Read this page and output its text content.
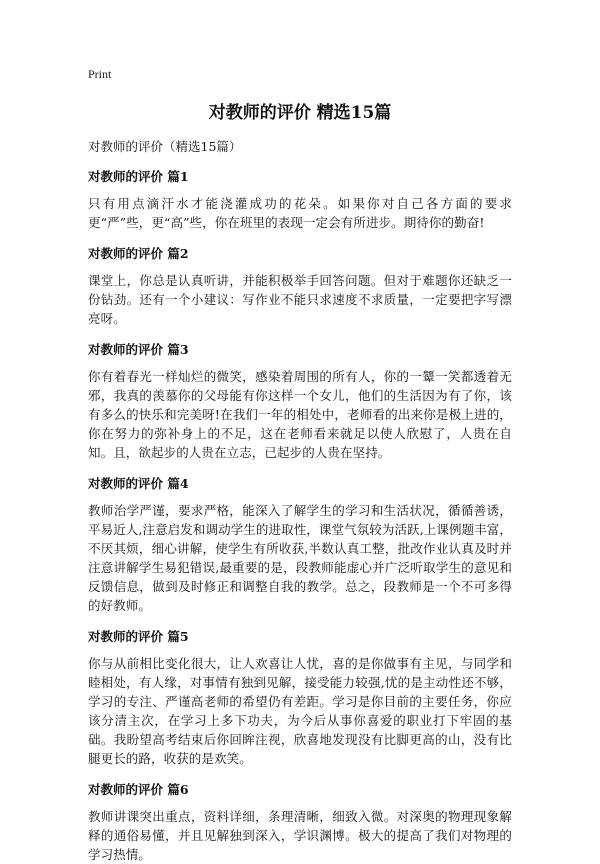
Print
对教师的评价 精选15篇
对教师的评价（精选15篇）
对教师的评价 篇1
只有用点滴汗水才能浇灌成功的花朵。如果你对自己各方面的要求更“严”些，更“高”些，你在班里的表现一定会有所进步。期待你的勤奋!
对教师的评价 篇2
课堂上，你总是认真听讲，并能积极举手回答问题。但对于难题你还缺乏一份钻劲。还有一个小建议：写作业不能只求速度不求质量，一定要把字写漂亮呀。
对教师的评价 篇3
你有着春光一样灿烂的微笑，感染着周围的所有人，你的一颦一笑都透着无邪，我真的羡慕你的父母能有你这样一个女儿，他们的生活因为有了你，该有多么的快乐和完美呀!在我们一年的相处中，老师看的出来你是极上进的，你在努力的弥补身上的不足，这在老师看来就足以使人欣慰了，人贵在自知。且，欲起步的人贵在立志，已起步的人贵在坚持。
对教师的评价 篇4
教师治学严谨，要求严格，能深入了解学生的学习和生活状况，循循善诱，平易近人,注意启发和调动学生的进取性，课堂气氛较为活跃,上课例题丰富，不厌其烦，细心讲解，使学生有所收获,半数认真工整，批改作业认真及时并注意讲解学生易犯错误,最重要的是，段教师能虚心并广泛听取学生的意见和反馈信息，做到及时修正和调整自我的教学。总之，段教师是一个不可多得的好教师。
对教师的评价 篇5
你与从前相比变化很大，让人欢喜让人忧，喜的是你做事有主见，与同学和睦相处，有人缘，对事情有独到见解，接受能力较强,忧的是主动性还不够，学习的专注、严谨高老师的希望仍有差距。学习是你目前的主要任务，你应该分清主次，在学习上多下功夫，为今后从事你喜爱的职业打下牢固的基础。我盼望高考结束后你回眸注视，欣喜地发现没有比脚更高的山，没有比腿更长的路，收获的是欢笑。
对教师的评价 篇6
教师讲课突出重点，资料详细，条理清晰，细致入微。对深奥的物理现象解释的通俗易懂，并且见解独到深入，学识渊博。极大的提高了我们对物理的学习热情。
